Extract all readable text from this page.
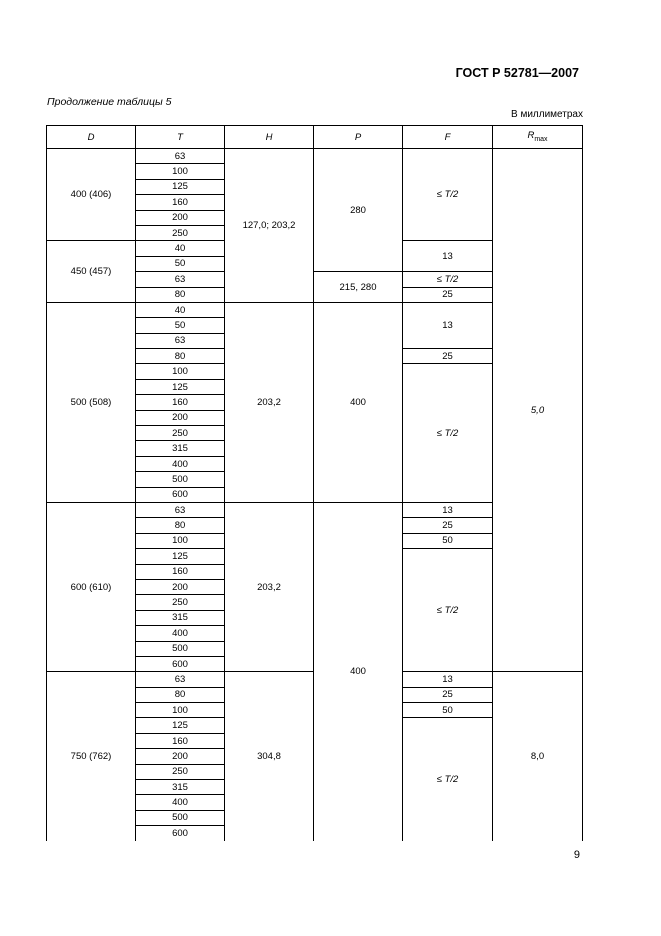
ГОСТ Р 52781—2007
Продолжение таблицы 5
В миллиметрах
D	T	H	P	F	$R_{max}$
400 (406)	63	127,0; 203,2	280	≤ T/2	5,0
	100				
	125				
	160				
	200				
	250				
450 (457)	40			13	
	50				
	63		215, 280	≤ T/2	
	80			25	
500 (508)	40	203,2	400	13	
	50				
	63				
	80			25	
	100			≤ T/2	
	125				
	160				
	200				
	250				
	315				
	400				
	500				
	600				
600 (610)	63	203,2	400	13	
	80			25	
	100			50	
	125			≤ T/2	
	160				
	200				
	250				
	315				
	400				
	500				
	600				
750 (762)	63	304,8		13	8,0
	80			25	
	100			50	
	125			≤ T/2	
	160				
	200				
	250				
	315				
	400				
	500				
	600				
9
